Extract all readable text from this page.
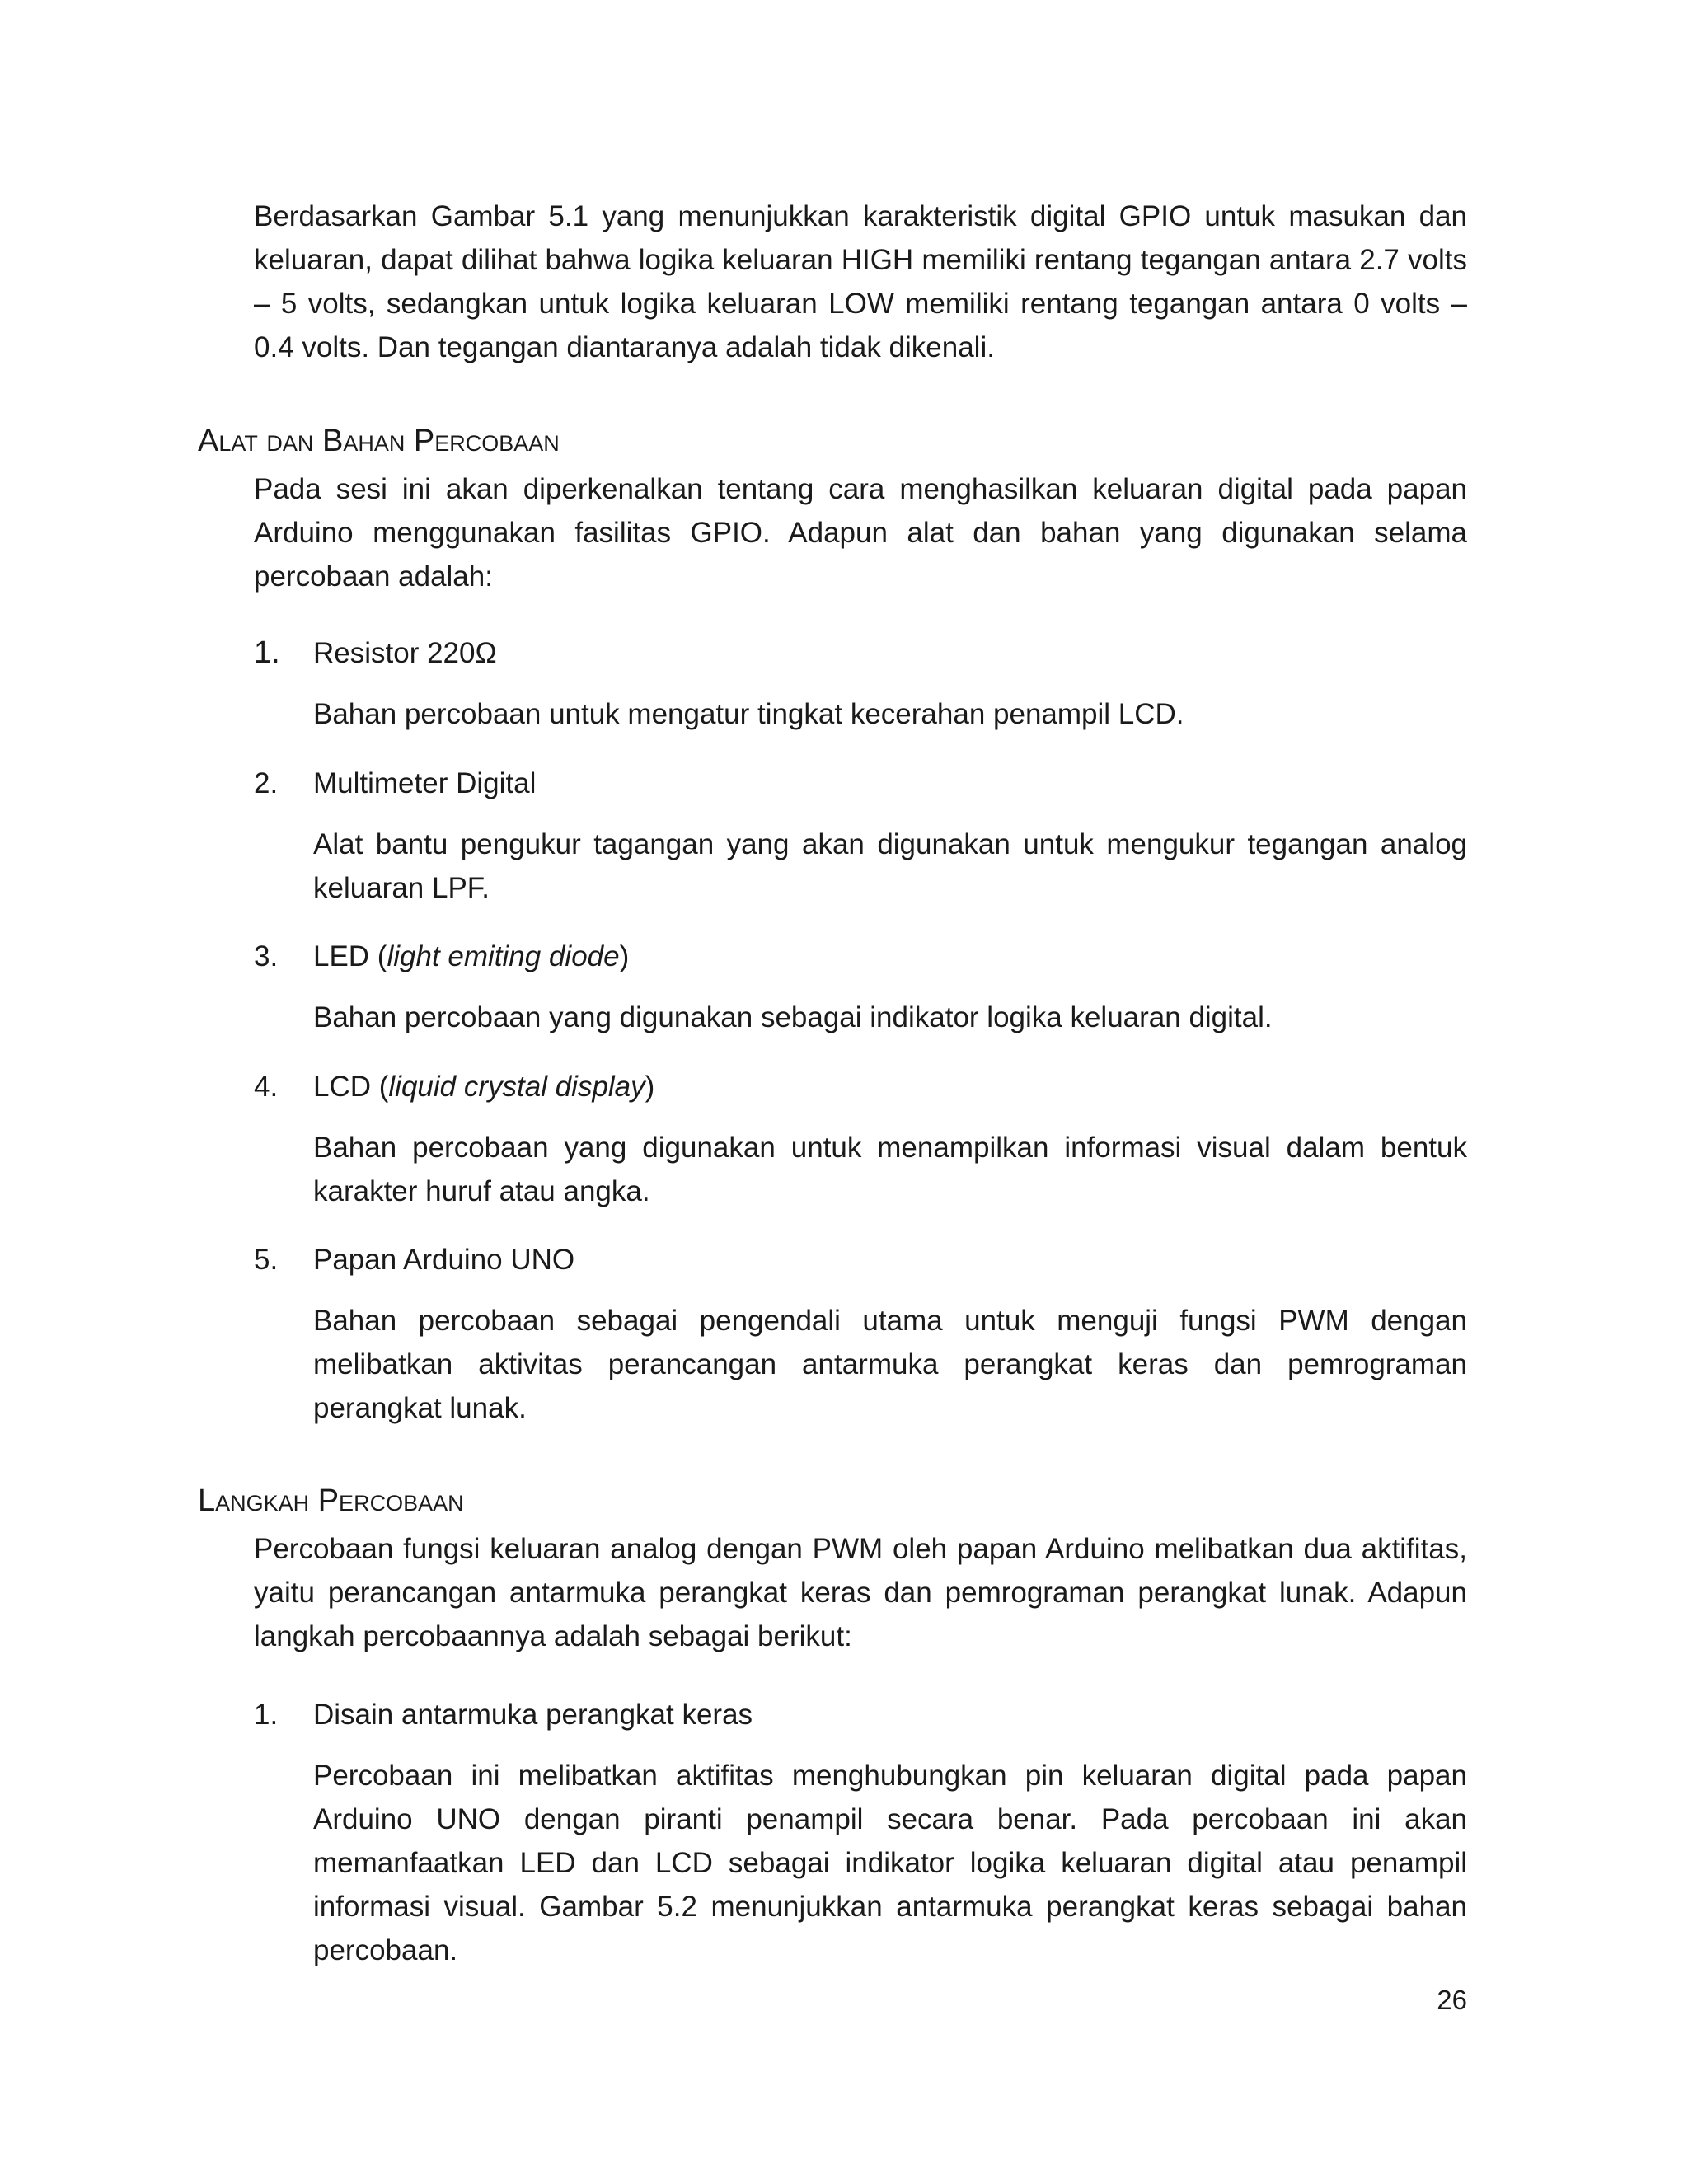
Berdasarkan Gambar 5.1 yang menunjukkan karakteristik digital GPIO untuk masukan dan keluaran, dapat dilihat bahwa logika keluaran HIGH memiliki rentang tegangan antara 2.7 volts – 5 volts, sedangkan untuk logika keluaran LOW memiliki rentang tegangan antara 0 volts – 0.4 volts. Dan tegangan diantaranya adalah tidak dikenali.

Alat dan Bahan Percobaan

Pada sesi ini akan diperkenalkan tentang cara menghasilkan keluaran digital pada papan Arduino menggunakan fasilitas GPIO. Adapun alat dan bahan yang digunakan selama percobaan adalah:

1. Resistor 220Ω

Bahan percobaan untuk mengatur tingkat kecerahan penampil LCD.

2. Multimeter Digital

Alat bantu pengukur tagangan yang akan digunakan untuk mengukur tegangan analog keluaran LPF.

3. LED (light emiting diode)

Bahan percobaan yang digunakan sebagai indikator logika keluaran digital.

4. LCD (liquid crystal display)

Bahan percobaan yang digunakan untuk menampilkan informasi visual dalam bentuk karakter huruf atau angka.

5. Papan Arduino UNO

Bahan percobaan sebagai pengendali utama untuk menguji fungsi PWM dengan melibatkan aktivitas perancangan antarmuka perangkat keras dan pemrograman perangkat lunak.

Langkah Percobaan

Percobaan fungsi keluaran analog dengan PWM oleh papan Arduino melibatkan dua aktifitas, yaitu perancangan antarmuka perangkat keras dan pemrograman perangkat lunak. Adapun langkah percobaannya adalah sebagai berikut:

1. Disain antarmuka perangkat keras

Percobaan ini melibatkan aktifitas menghubungkan pin keluaran digital pada papan Arduino UNO dengan piranti penampil secara benar. Pada percobaan ini akan memanfaatkan LED dan LCD sebagai indikator logika keluaran digital atau penampil informasi visual. Gambar 5.2 menunjukkan antarmuka perangkat keras sebagai bahan percobaan.

26
